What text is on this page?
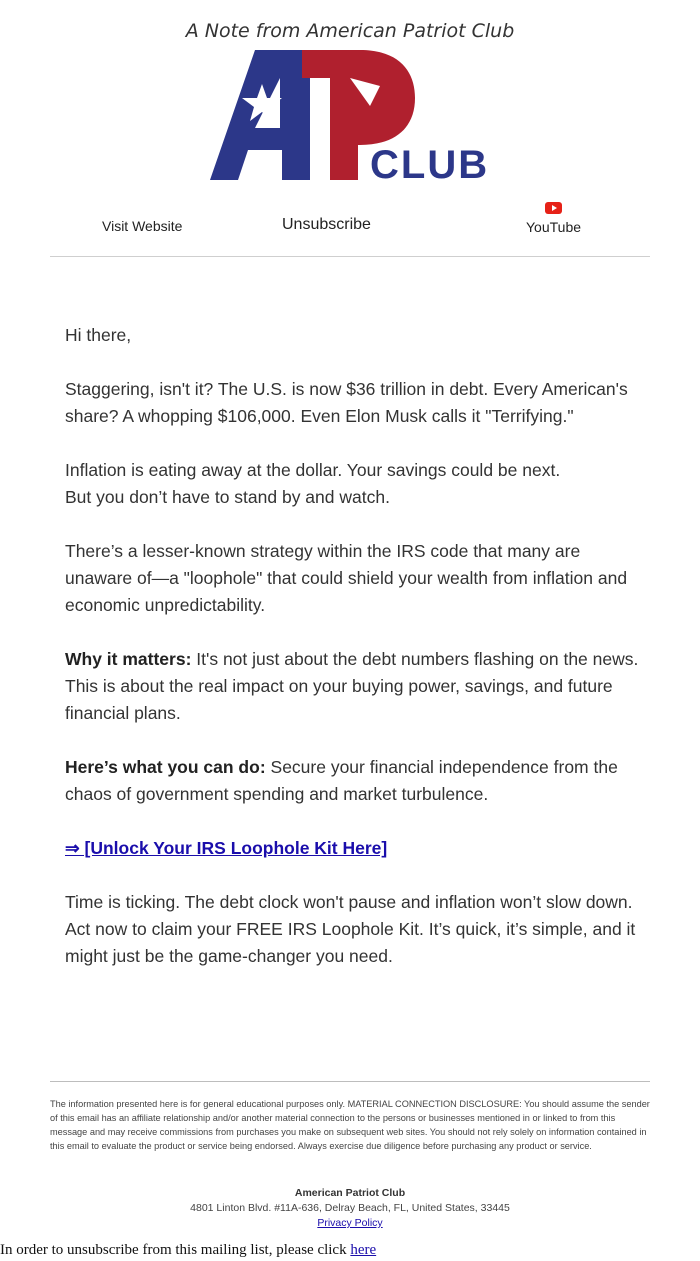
A Note from American Patriot Club
CLUB
Visit Website	Unsubscribe	YouTube

Hi there,

Staggering, isn't it? The U.S. is now $36 trillion in debt. Every American's share? A whopping $106,000. Even Elon Musk calls it "Terrifying."

Inflation is eating away at the dollar. Your savings could be next.
But you don’t have to stand by and watch.

There’s a lesser-known strategy within the IRS code that many are unaware of—a "loophole" that could shield your wealth from inflation and economic unpredictability.

Why it matters: It's not just about the debt numbers flashing on the news. This is about the real impact on your buying power, savings, and future financial plans.

Here’s what you can do: Secure your financial independence from the chaos of government spending and market turbulence.

⇒ [Unlock Your IRS Loophole Kit Here]

Time is ticking. The debt clock won't pause and inflation won’t slow down. Act now to claim your FREE IRS Loophole Kit. It’s quick, it’s simple, and it might just be the game-changer you need.

The information presented here is for general educational purposes only. MATERIAL CONNECTION DISCLOSURE: You should assume the sender of this email has an affiliate relationship and/or another material connection to the persons or businesses mentioned in or linked to from this message and may receive commissions from purchases you make on subsequent web sites. You should not rely solely on information contained in this email to evaluate the product or service being endorsed. Always exercise due diligence before purchasing any product or service.
American Patriot Club
4801 Linton Blvd. #11A-636, Delray Beach, FL, United States, 33445
Privacy Policy
In order to unsubscribe from this mailing list, please click here
